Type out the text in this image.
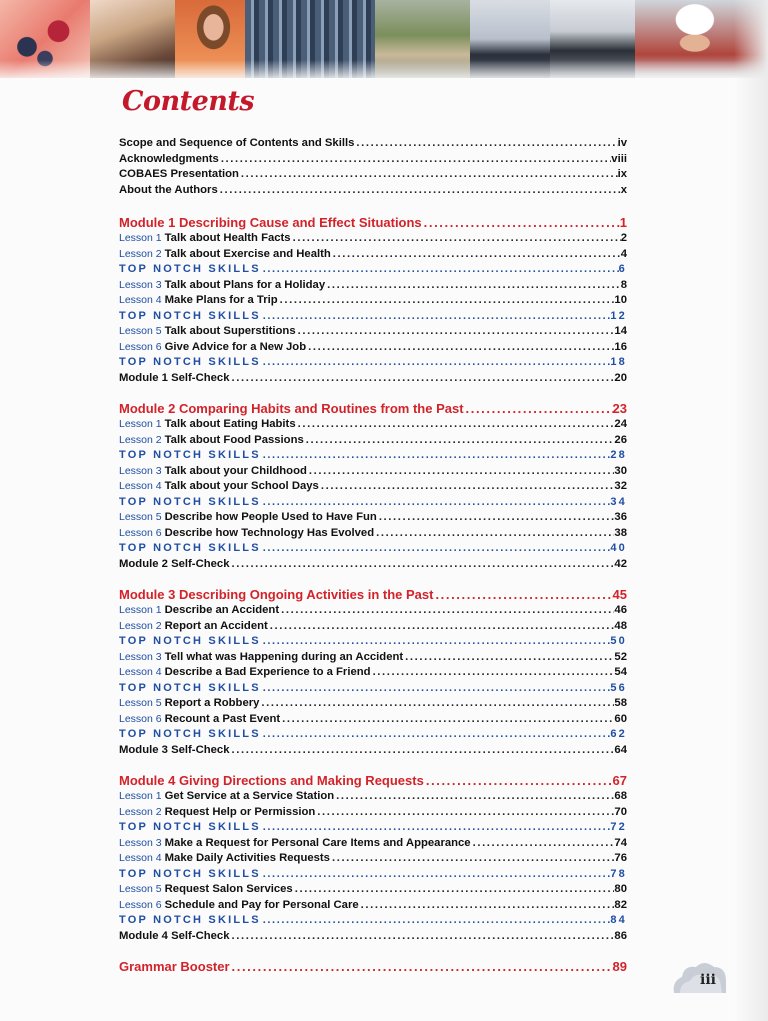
Contents
Scope and Sequence of Contents and Skills .....	iv
Acknowledgments .....	viii
COBAES Presentation .....	ix
About the Authors .....	x
Module 1 Describing Cause and Effect Situations .....	1
Lesson 1 Talk about Health Facts .....	2
Lesson 2 Talk about Exercise and Health .....	4
TOP NOTCH SKILLS .....	6
Lesson 3 Talk about Plans for a Holiday .....	8
Lesson 4 Make Plans for a Trip .....	10
TOP NOTCH SKILLS .....	12
Lesson 5 Talk about Superstitions .....	14
Lesson 6 Give Advice for a New Job .....	16
TOP NOTCH SKILLS .....	18
Module 1 Self-Check .....	20
Module 2 Comparing Habits and Routines from the Past .....	23
Lesson 1 Talk about Eating Habits .....	24
Lesson 2 Talk about Food Passions .....	26
TOP NOTCH SKILLS .....	28
Lesson 3 Talk about your Childhood .....	30
Lesson 4 Talk about your School Days .....	32
TOP NOTCH SKILLS .....	34
Lesson 5 Describe how People Used to Have Fun .....	36
Lesson 6 Describe how Technology Has Evolved .....	38
TOP NOTCH SKILLS .....	40
Module 2 Self-Check .....	42
Module 3 Describing Ongoing Activities in the Past .....	45
Lesson 1 Describe an Accident .....	46
Lesson 2 Report an Accident .....	48
TOP NOTCH SKILLS .....	50
Lesson 3 Tell what was Happening during an Accident .....	52
Lesson 4 Describe a Bad Experience to a Friend .....	54
TOP NOTCH SKILLS .....	56
Lesson 5 Report a Robbery .....	58
Lesson 6 Recount a Past Event .....	60
TOP NOTCH SKILLS .....	62
Module 3 Self-Check .....	64
Module 4 Giving Directions and Making Requests .....	67
Lesson 1 Get Service at a Service Station .....	68
Lesson 2 Request Help or Permission .....	70
TOP NOTCH SKILLS .....	72
Lesson 3 Make a Request for Personal Care Items and Appearance .....	74
Lesson 4 Make Daily Activities Requests .....	76
TOP NOTCH SKILLS .....	78
Lesson 5 Request Salon Services .....	80
Lesson 6 Schedule and Pay for Personal Care .....	82
TOP NOTCH SKILLS .....	84
Module 4 Self-Check .....	86
Grammar Booster .....	89
iii
